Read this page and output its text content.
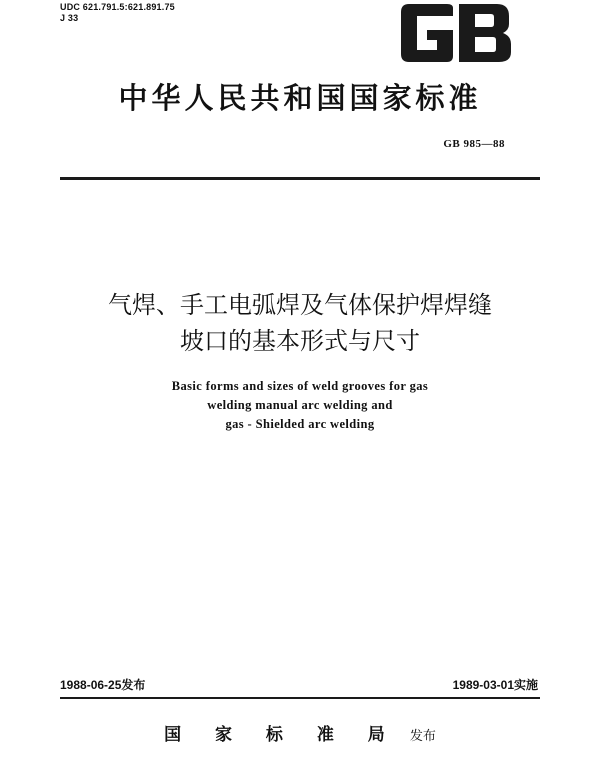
UDC 621.791.5:621.891.75
J 33
中华人民共和国国家标准
GB 985—88
气焊、手工电弧焊及气体保护焊焊缝
坡口的基本形式与尺寸
Basic forms and sizes of weld grooves for gas
welding manual arc welding and
gas - Shielded arc welding
1988-06-25发布	1989-03-01实施
国 家 标 准 局 发布
